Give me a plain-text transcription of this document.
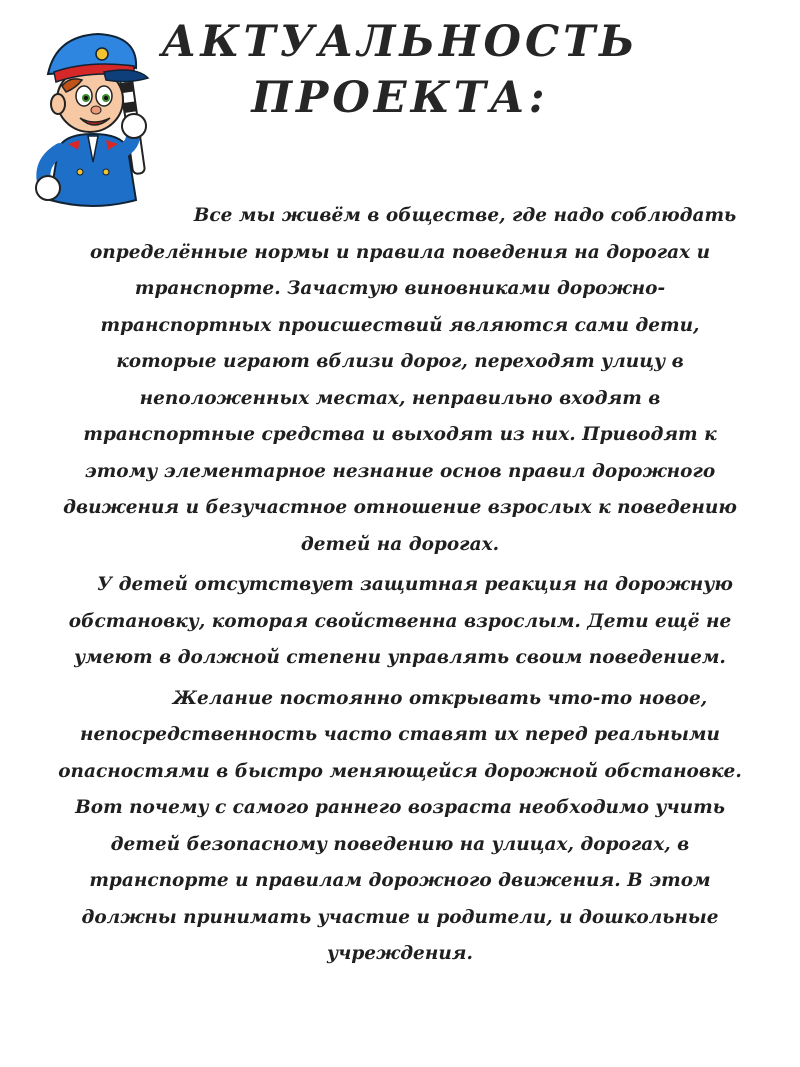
АКТУАЛЬНОСТЬ
ПРОЕКТА:
Все мы живём в обществе, где надо соблюдать
определённые нормы и правила поведения на дорогах и
транспорте. Зачастую виновниками дорожно-
транспортных происшествий являются сами дети,
которые играют вблизи дорог, переходят улицу в
неположенных местах, неправильно входят в
транспортные средства и выходят из них. Приводят к
этому элементарное незнание основ правил дорожного
движения и безучастное отношение взрослых к поведению
детей на дорогах.
У детей отсутствует защитная реакция на дорожную
обстановку, которая свойственна взрослым. Дети ещё не
умеют в должной степени управлять своим поведением.
Желание постоянно открывать что-то новое,
непосредственность часто ставят их перед реальными
опасностями в быстро меняющейся дорожной обстановке.
Вот почему с самого раннего возраста необходимо учить
детей безопасному поведению на улицах, дорогах, в
транспорте и правилам дорожного движения. В этом
должны принимать участие и родители, и дошкольные
учреждения.
